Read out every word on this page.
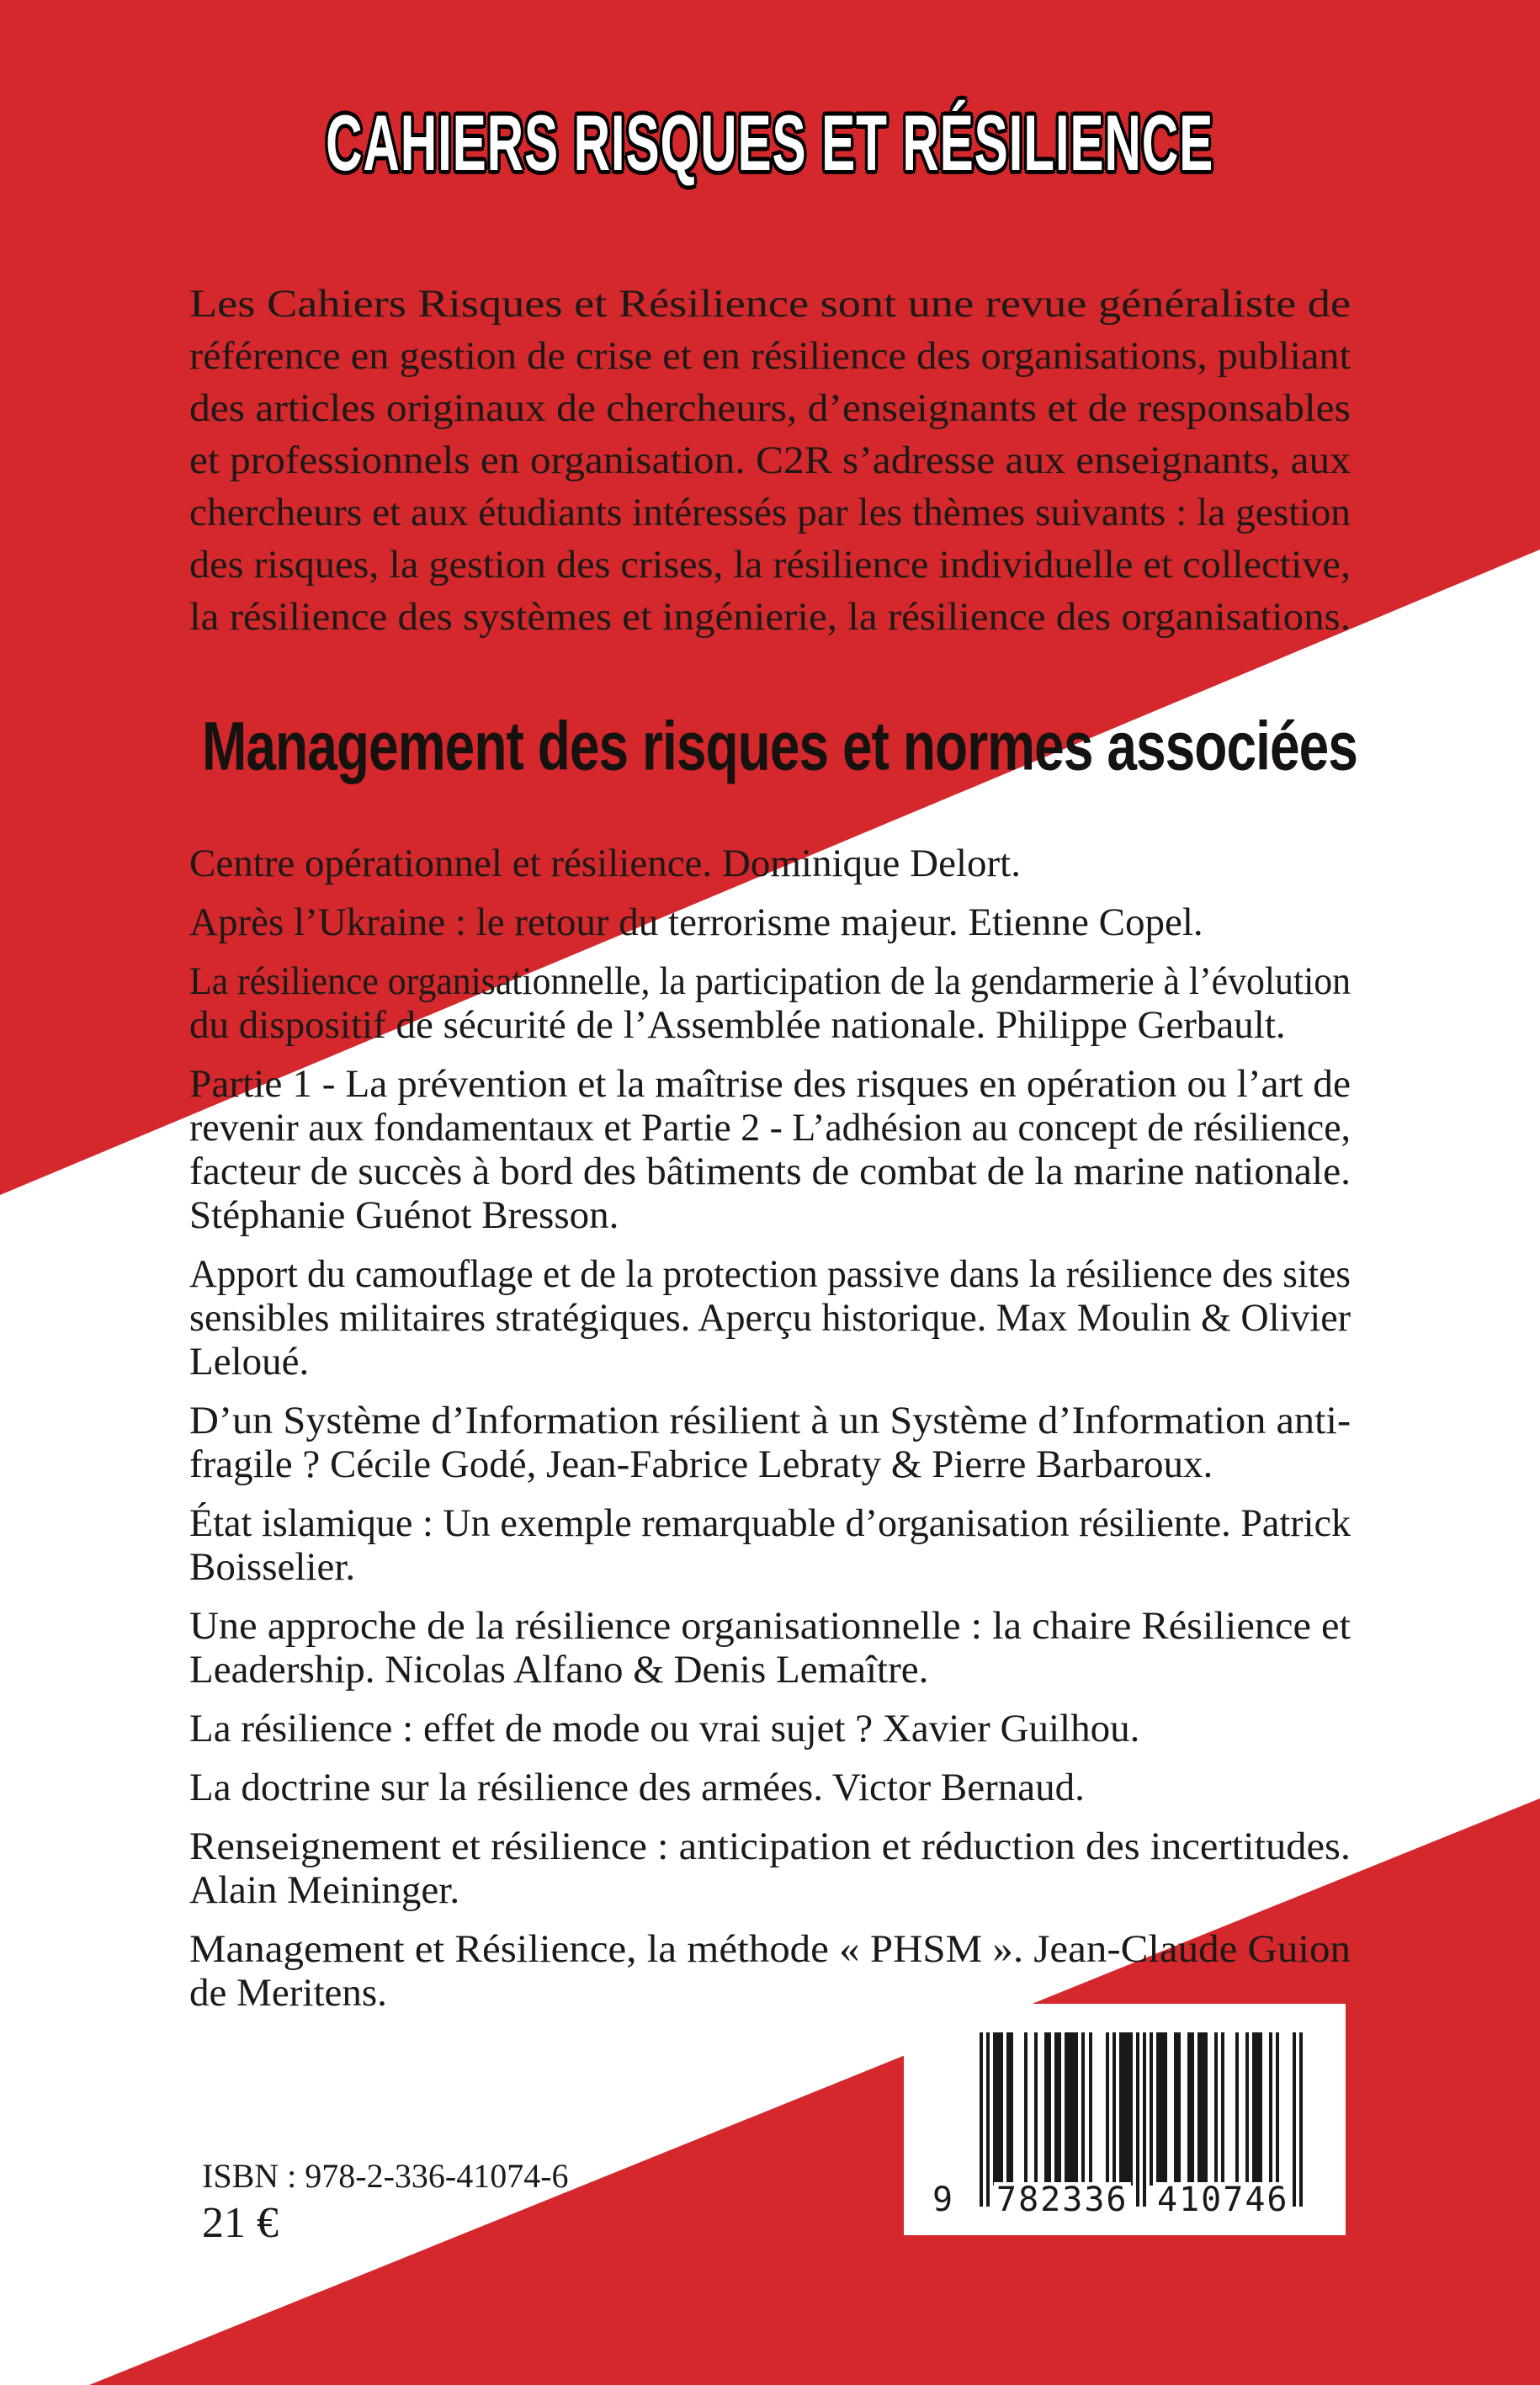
CAHIERS RISQUES ET RÉSILIENCE
Les Cahiers Risques et Résilience sont une revue généraliste de
référence en gestion de crise et en résilience des organisations, publiant
des articles originaux de chercheurs, d’enseignants et de responsables
et professionnels en organisation. C2R s’adresse aux enseignants, aux
chercheurs et aux étudiants intéressés par les thèmes suivants : la gestion
des risques, la gestion des crises, la résilience individuelle et collective,
la résilience des systèmes et ingénierie, la résilience des organisations.
Management des risques et normes associées
Centre opérationnel et résilience. Dominique Delort.
Après l’Ukraine : le retour du terrorisme majeur. Etienne Copel.
La résilience organisationnelle, la participation de la gendarmerie à l’évolution
du dispositif de sécurité de l’Assemblée nationale. Philippe Gerbault.
Partie 1 - La prévention et la maîtrise des risques en opération ou l’art de
revenir aux fondamentaux et Partie 2 - L’adhésion au concept de résilience,
facteur de succès à bord des bâtiments de combat de la marine nationale.
Stéphanie Guénot Bresson.
Apport du camouflage et de la protection passive dans la résilience des sites
sensibles militaires stratégiques. Aperçu historique. Max Moulin & Olivier
Leloué.
D’un Système d’Information résilient à un Système d’Information anti-
fragile ? Cécile Godé, Jean-Fabrice Lebraty & Pierre Barbaroux.
État islamique : Un exemple remarquable d’organisation résiliente. Patrick
Boisselier.
Une approche de la résilience organisationnelle : la chaire Résilience et
Leadership. Nicolas Alfano & Denis Lemaître.
La résilience : effet de mode ou vrai sujet ? Xavier Guilhou.
La doctrine sur la résilience des armées. Victor Bernaud.
Renseignement et résilience : anticipation et réduction des incertitudes.
Alain Meininger.
Management et Résilience, la méthode « PHSM ». Jean-Claude Guion
de Meritens.
ISBN : 978-2-336-41074-6
21 €	9 782336 410746
